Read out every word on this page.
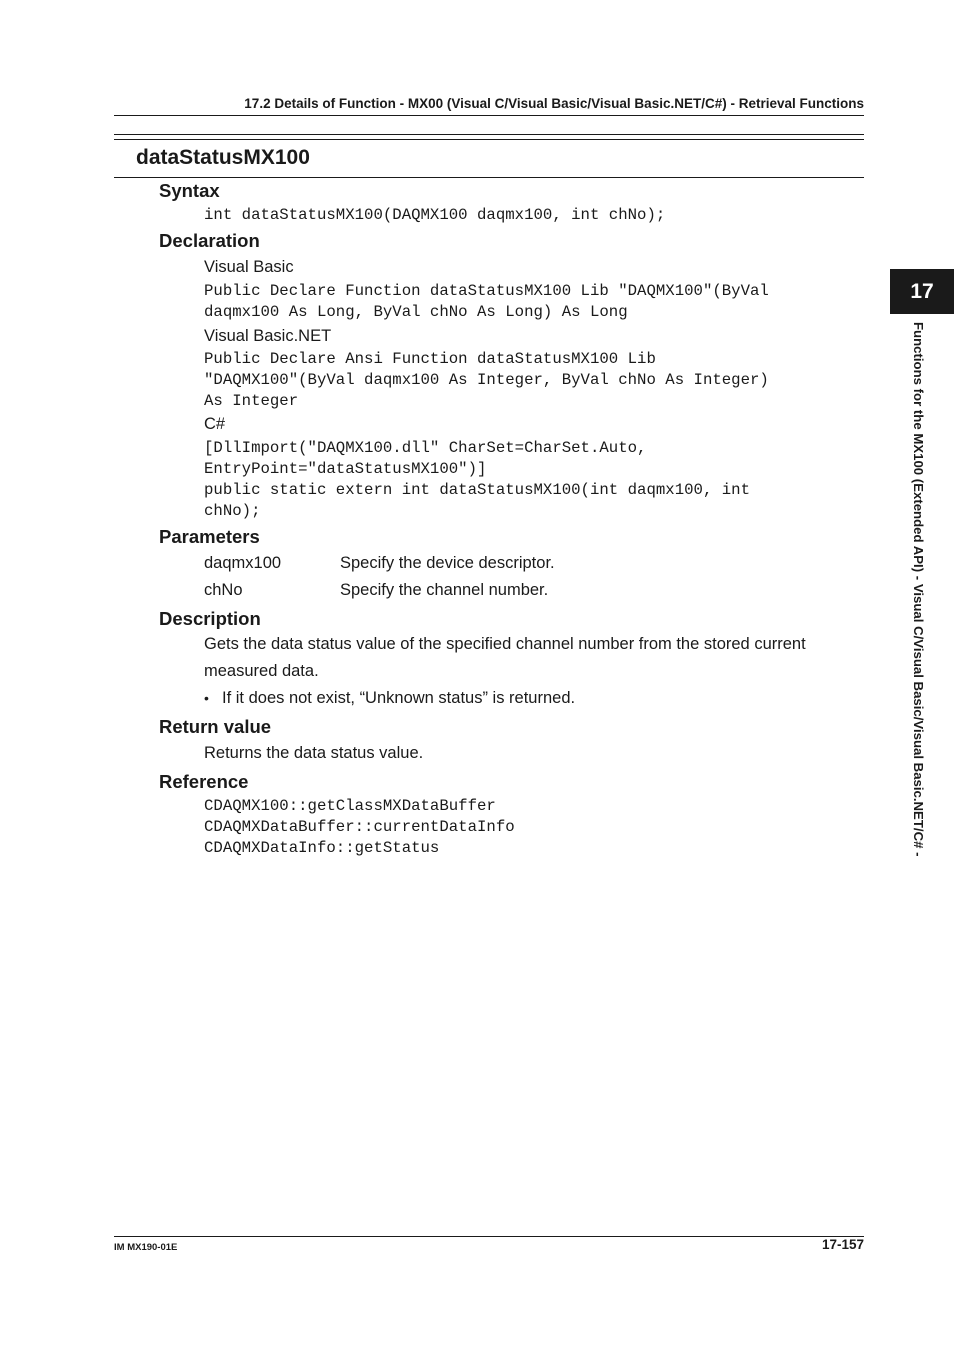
17.2 Details of Function - MX00 (Visual C/Visual Basic/Visual Basic.NET/C#) - Retrieval Functions
dataStatusMX100
Syntax
int dataStatusMX100(DAQMX100 daqmx100, int chNo);
Declaration
Visual Basic
Public Declare Function dataStatusMX100 Lib "DAQMX100"(ByVal
daqmx100 As Long, ByVal chNo As Long) As Long
Visual Basic.NET
Public Declare Ansi Function dataStatusMX100 Lib
"DAQMX100"(ByVal daqmx100 As Integer, ByVal chNo As Integer)
As Integer
C#
[DllImport("DAQMX100.dll" CharSet=CharSet.Auto,
EntryPoint="dataStatusMX100")]
public static extern int dataStatusMX100(int daqmx100, int
chNo);
Parameters
daqmx100	Specify the device descriptor.
chNo	Specify the channel number.
Description
Gets the data status value of the specified channel number from the stored current measured data.
• If it does not exist, “Unknown status” is returned.
Return value
Returns the data status value.
Reference
CDAQMX100::getClassMXDataBuffer
CDAQMXDataBuffer::currentDataInfo
CDAQMXDataInfo::getStatus
17
Functions for the MX100 (Extended API) - Visual C/Visual Basic/Visual Basic.NET/C# -
IM MX190-01E	17-157
